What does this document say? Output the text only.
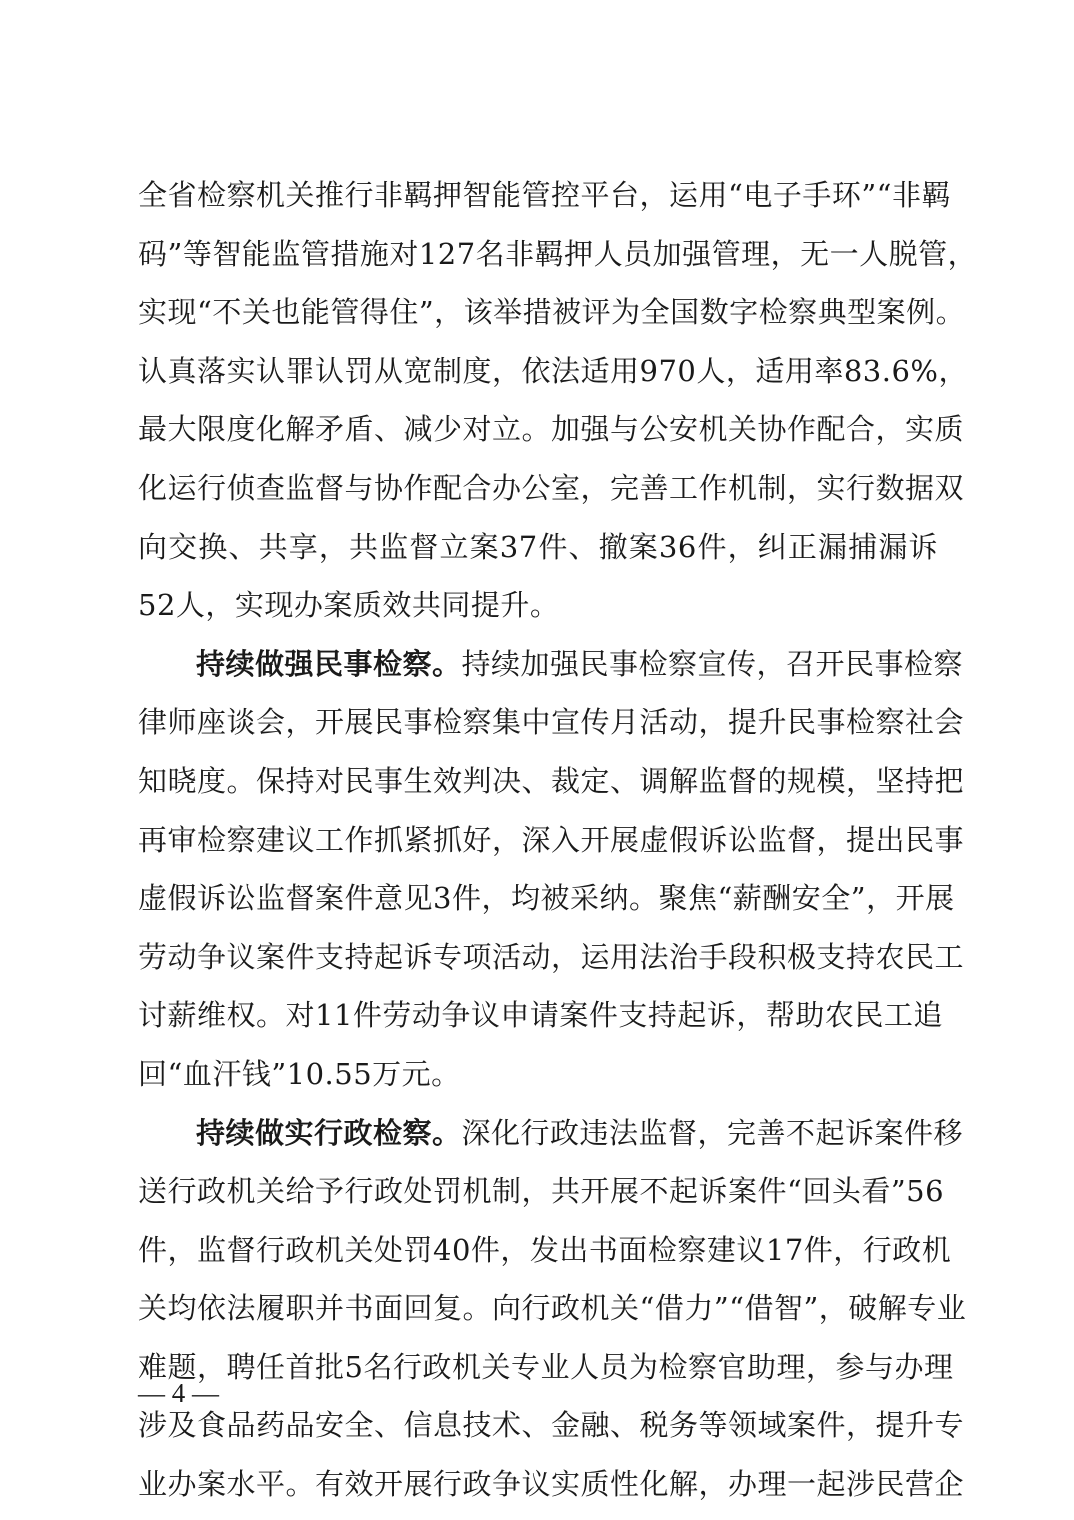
全省检察机关推行非羁押智能管控平台，运用“电子手环”“非羁
码”等智能监管措施对127名非羁押人员加强管理，无一人脱管，
实现“不关也能管得住”，该举措被评为全国数字检察典型案例。
认真落实认罪认罚从宽制度，依法适用970人，适用率83.6%，
最大限度化解矛盾、减少对立。加强与公安机关协作配合，实质
化运行侦查监督与协作配合办公室，完善工作机制，实行数据双
向交换、共享，共监督立案37件、撤案36件，纠正漏捕漏诉
52人，实现办案质效共同提升。
持续做强民事检察。持续加强民事检察宣传，召开民事检察
律师座谈会，开展民事检察集中宣传月活动，提升民事检察社会
知晓度。保持对民事生效判决、裁定、调解监督的规模，坚持把
再审检察建议工作抓紧抓好，深入开展虚假诉讼监督，提出民事
虚假诉讼监督案件意见3件，均被采纳。聚焦“薪酬安全”，开展
劳动争议案件支持起诉专项活动，运用法治手段积极支持农民工
讨薪维权。对11件劳动争议申请案件支持起诉，帮助农民工追
回“血汗钱”10.55万元。
持续做实行政检察。深化行政违法监督，完善不起诉案件移
送行政机关给予行政处罚机制，共开展不起诉案件“回头看”56
件，监督行政机关处罚40件，发出书面检察建议17件，行政机
关均依法履职并书面回复。向行政机关“借力”“借智”，破解专业
难题，聘任首批5名行政机关专业人员为检察官助理，参与办理
涉及食品药品安全、信息技术、金融、税务等领域案件，提升专
业办案水平。有效开展行政争议实质性化解，办理一起涉民营企
— 4 —
